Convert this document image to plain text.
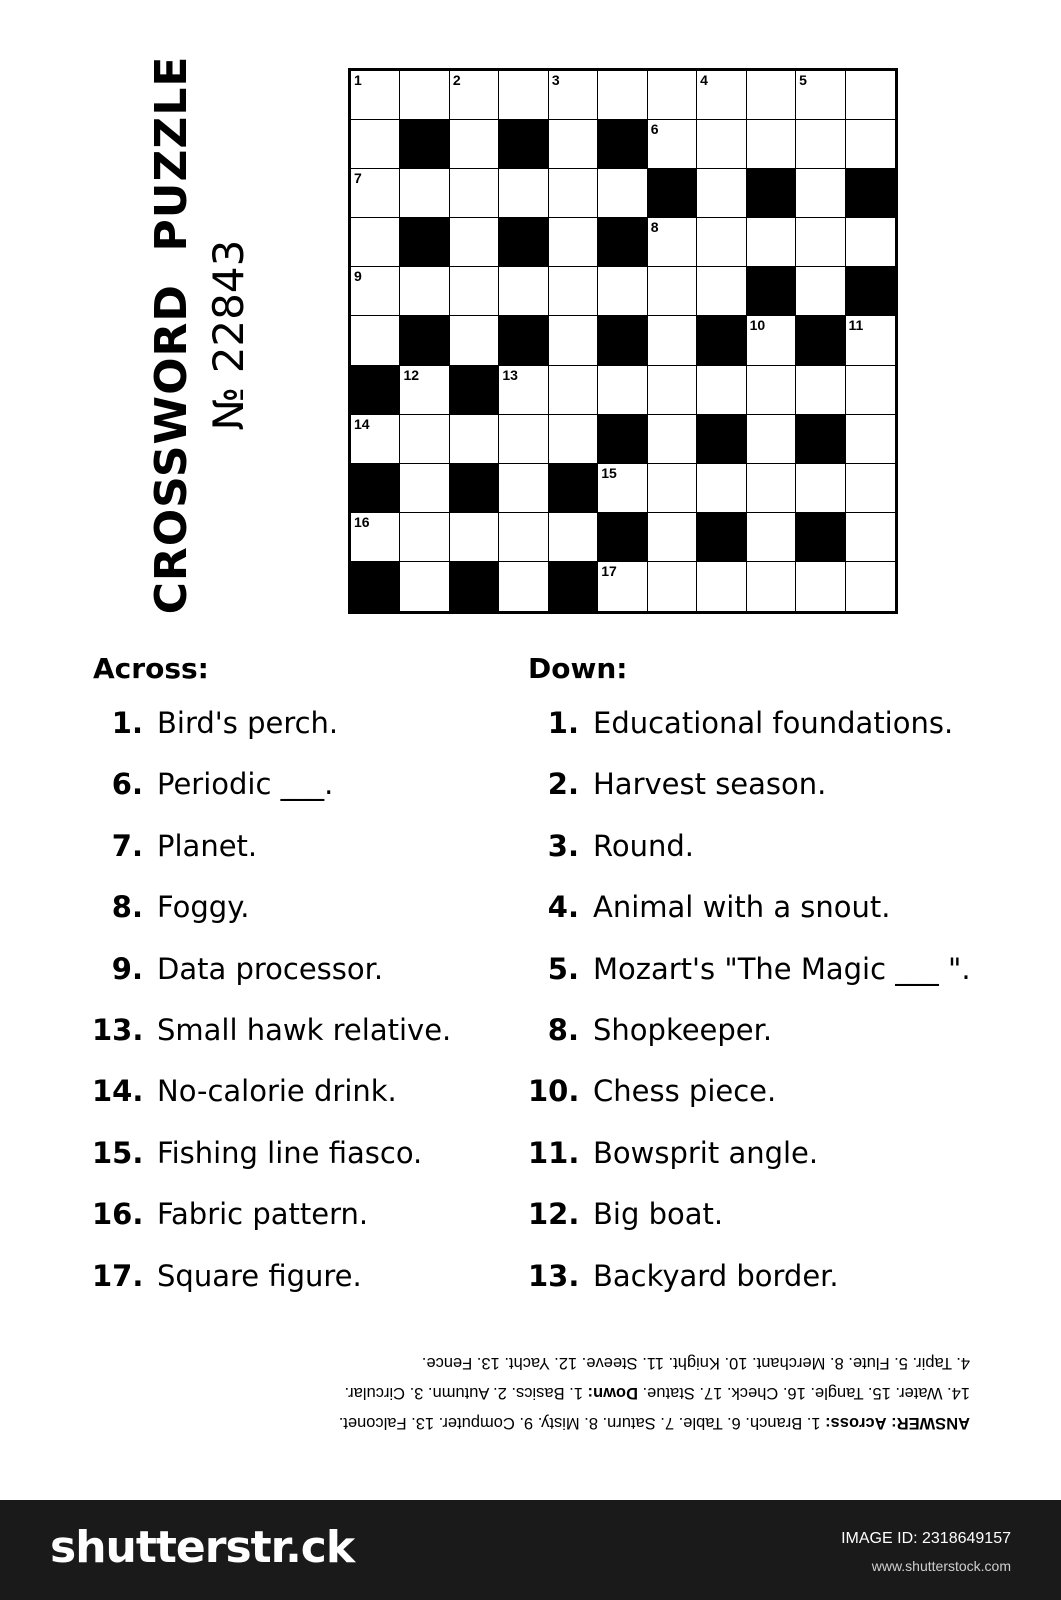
CROSSWORD  PUZZLE № 22843
1	2	3	4	5
6
7
8
9
10	11
12	13
14
15
16
17
Across:	Down:
1. Bird's perch.
6. Periodic ___.
7. Planet.
8. Foggy.
9. Data processor.
13. Small hawk relative.
14. No-calorie drink.
15. Fishing line fiasco.
16. Fabric pattern.
17. Square figure.
1. Educational foundations.
2. Harvest season.
3. Round.
4. Animal with a snout.
5. Mozart's "The Magic ___ ".
8. Shopkeeper.
10. Chess piece.
11. Bowsprit angle.
12. Big boat.
13. Backyard border.
ANSWER: Across: 1. Branch. 6. Table. 7. Saturn. 8. Misty. 9. Computer. 13. Falconet.
14. Water. 15. Tangle. 16. Check. 17. Statue. Down: 1. Basics. 2. Autumn. 3. Circular.
4. Tapir. 5. Flute. 8. Merchant. 10. Knight. 11. Steeve. 12. Yacht. 13. Fence.
shutterstr.ck	IMAGE ID: 2318649157
www.shutterstock.com
